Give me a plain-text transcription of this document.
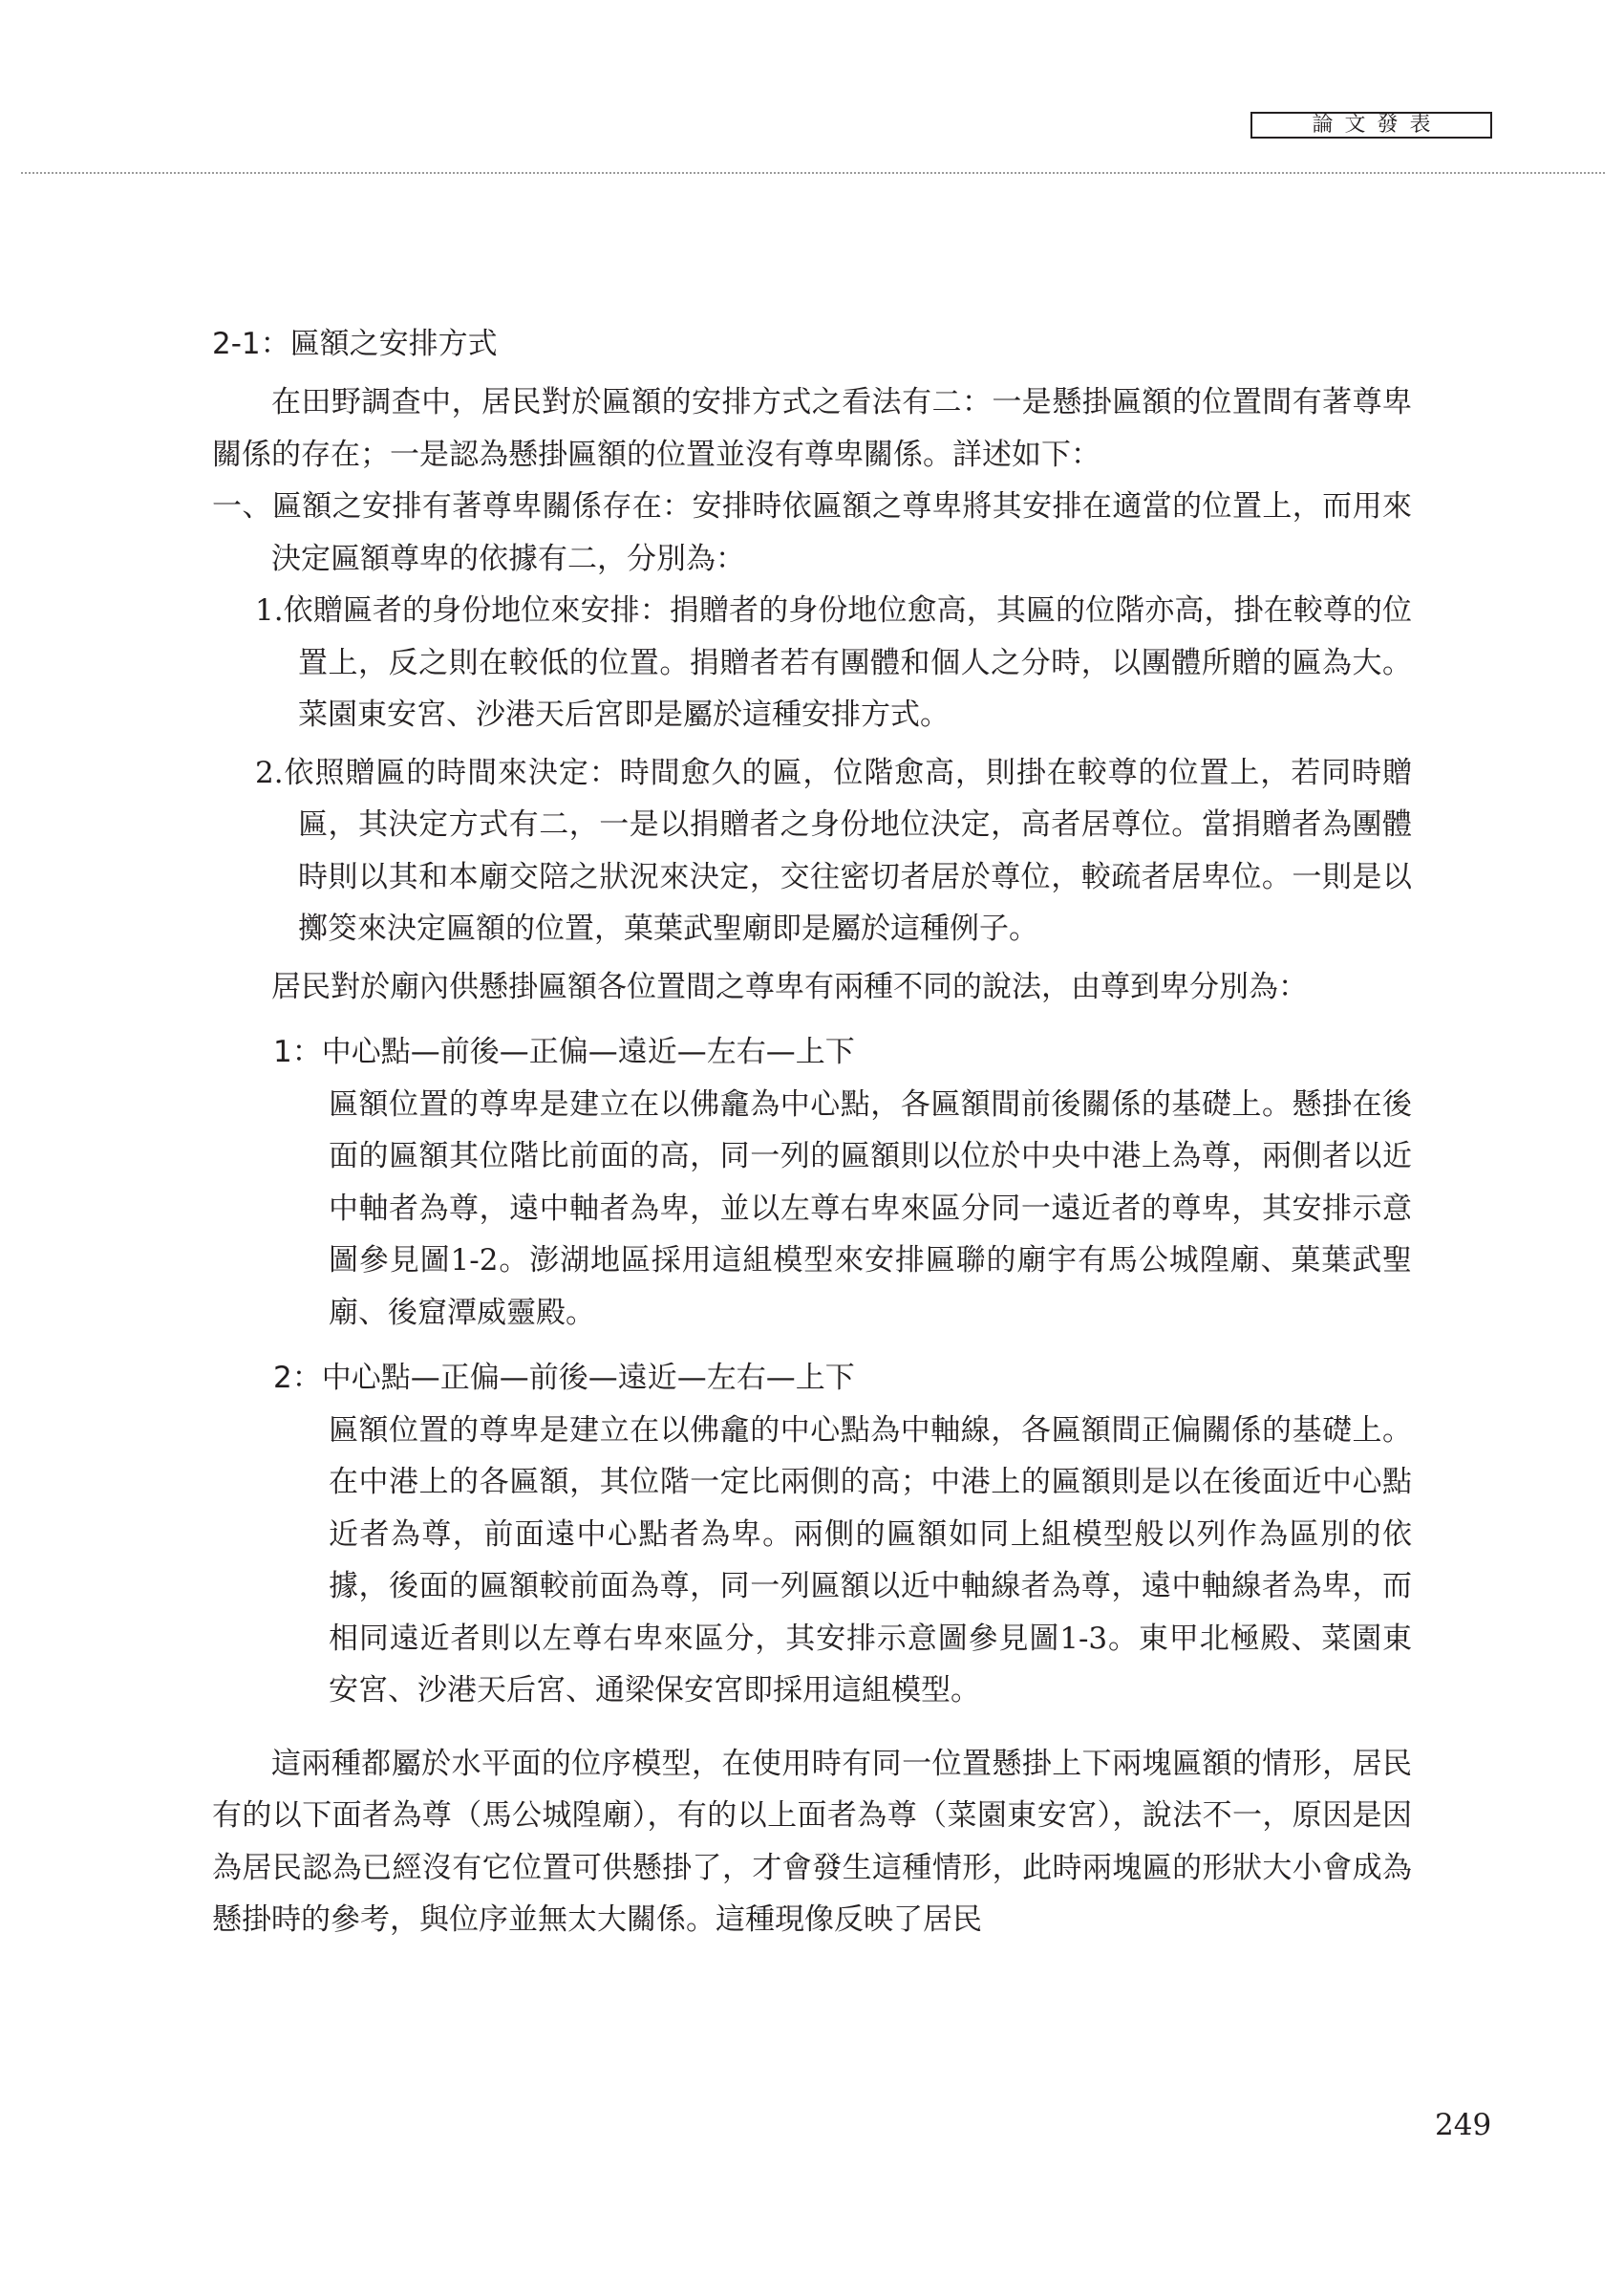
論文發表
2-1：匾額之安排方式

在田野調查中，居民對於匾額的安排方式之看法有二：一是懸掛匾額的位置間有著尊卑關係的存在；一是認為懸掛匾額的位置並沒有尊卑關係。詳述如下：

一、匾額之安排有著尊卑關係存在：安排時依匾額之尊卑將其安排在適當的位置上，而用來決定匾額尊卑的依據有二，分別為：

1.依贈匾者的身份地位來安排：捐贈者的身份地位愈高，其匾的位階亦高，掛在較尊的位置上，反之則在較低的位置。捐贈者若有團體和個人之分時，以團體所贈的匾為大。菜園東安宮、沙港天后宮即是屬於這種安排方式。

2.依照贈匾的時間來決定：時間愈久的匾，位階愈高，則掛在較尊的位置上，若同時贈匾，其決定方式有二，一是以捐贈者之身份地位決定，高者居尊位。當捐贈者為團體時則以其和本廟交陪之狀況來決定，交往密切者居於尊位，較疏者居卑位。一則是以擲筊來決定匾額的位置，菓葉武聖廟即是屬於這種例子。

居民對於廟內供懸掛匾額各位置間之尊卑有兩種不同的說法，由尊到卑分別為：

1：中心點—前後—正偏—遠近—左右—上下

匾額位置的尊卑是建立在以佛龕為中心點，各匾額間前後關係的基礎上。懸掛在後面的匾額其位階比前面的高，同一列的匾額則以位於中央中港上為尊，兩側者以近中軸者為尊，遠中軸者為卑，並以左尊右卑來區分同一遠近者的尊卑，其安排示意圖參見圖1-2。澎湖地區採用這組模型來安排匾聯的廟宇有馬公城隍廟、菓葉武聖廟、後窟潭威靈殿。

2：中心點—正偏—前後—遠近—左右—上下

匾額位置的尊卑是建立在以佛龕的中心點為中軸線，各匾額間正偏關係的基礎上。在中港上的各匾額，其位階一定比兩側的高；中港上的匾額則是以在後面近中心點近者為尊，前面遠中心點者為卑。兩側的匾額如同上組模型般以列作為區別的依據，後面的匾額較前面為尊，同一列匾額以近中軸線者為尊，遠中軸線者為卑，而相同遠近者則以左尊右卑來區分，其安排示意圖參見圖1-3。東甲北極殿、菜園東安宮、沙港天后宮、通梁保安宮即採用這組模型。

這兩種都屬於水平面的位序模型，在使用時有同一位置懸掛上下兩塊匾額的情形，居民有的以下面者為尊（馬公城隍廟），有的以上面者為尊（菜園東安宮），說法不一，原因是因為居民認為已經沒有它位置可供懸掛了，才會發生這種情形，此時兩塊匾的形狀大小會成為懸掛時的參考，與位序並無太大關係。這種現像反映了居民

249
